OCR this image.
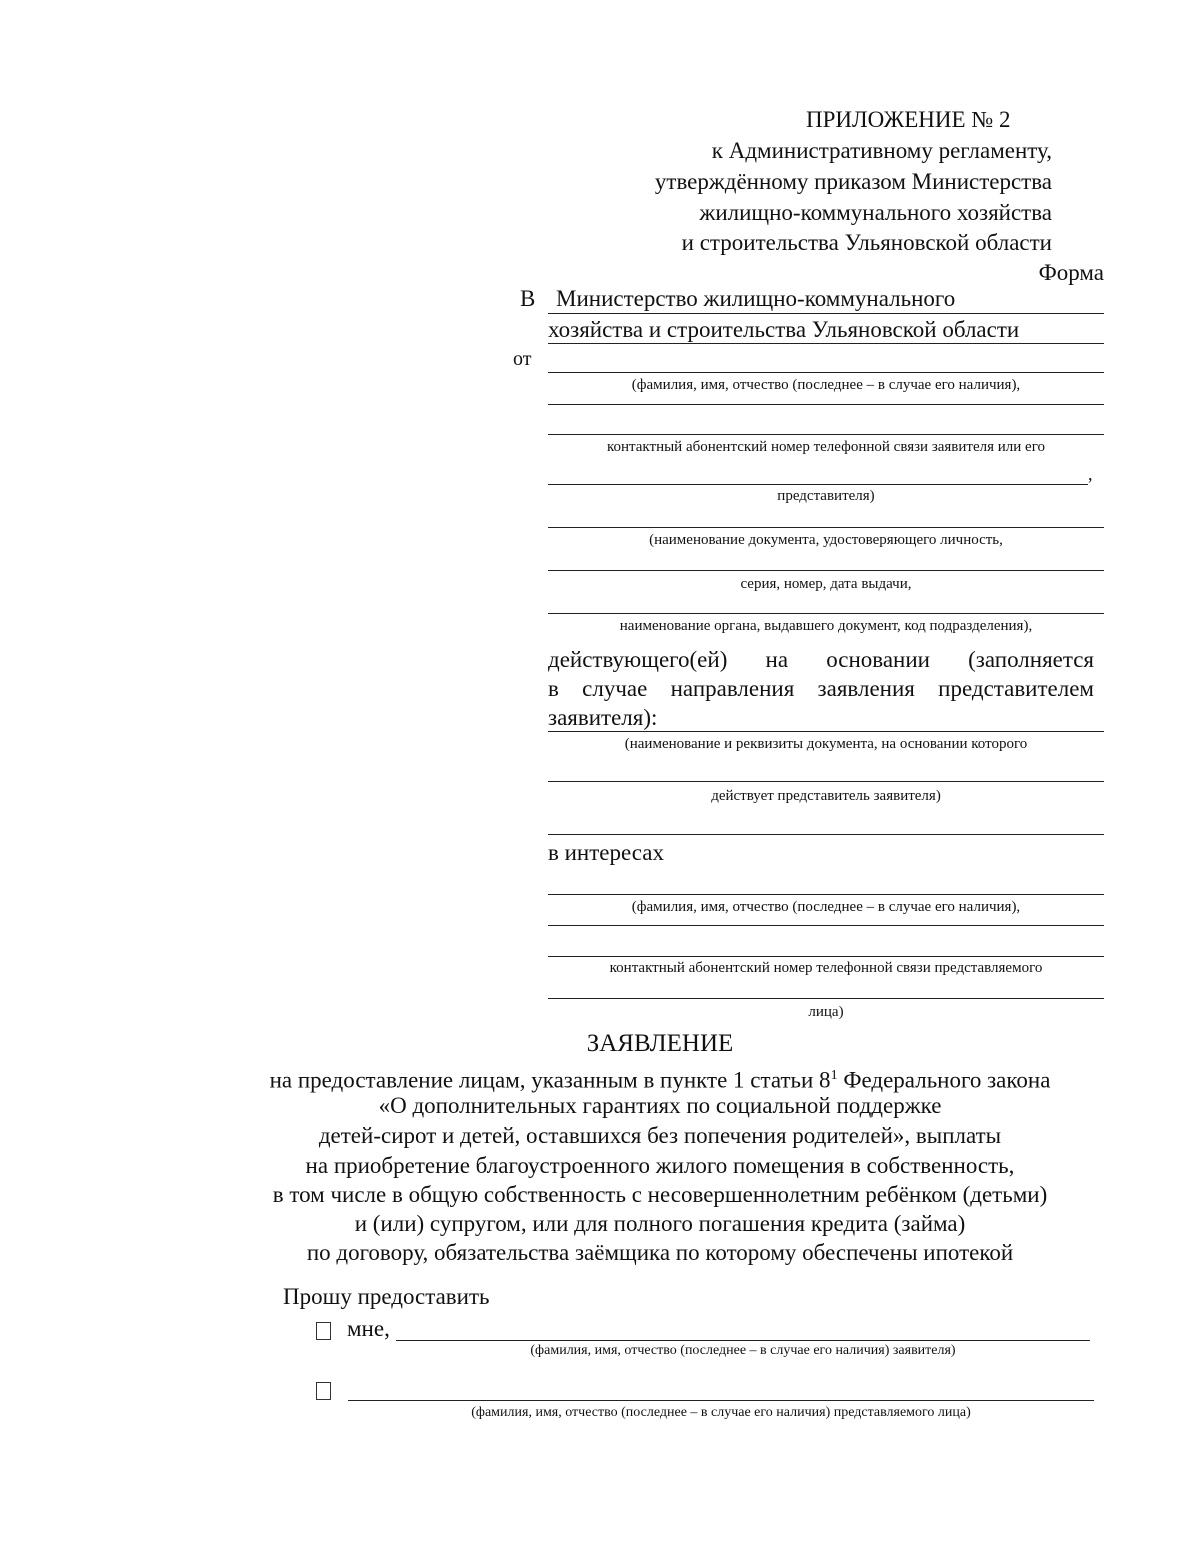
ПРИЛОЖЕНИЕ № 2
к Административному регламенту,
утверждённому приказом Министерства
жилищно-коммунального хозяйства
и строительства Ульяновской области
Форма
В Министерство жилищно-коммунального
хозяйства и строительства Ульяновской области
от
(фамилия, имя, отчество (последнее – в случае его наличия),
контактный абонентский номер телефонной связи заявителя или его
,
представителя)
(наименование документа, удостоверяющего личность,
серия, номер, дата выдачи,
наименование органа, выдавшего документ, код подразделения),
действующего(ей) на основании (заполняется
в случае направления заявления представителем
заявителя):
(наименование и реквизиты документа, на основании которого
действует представитель заявителя)
в интересах
(фамилия, имя, отчество (последнее – в случае его наличия),
контактный абонентский номер телефонной связи представляемого
лица)
ЗАЯВЛЕНИЕ
на предоставление лицам, указанным в пункте 1 статьи $8^1$ Федерального закона
«О дополнительных гарантиях по социальной поддержке
детей-сирот и детей, оставшихся без попечения родителей», выплаты
на приобретение благоустроенного жилого помещения в собственность,
в том числе в общую собственность с несовершеннолетним ребёнком (детьми)
и (или) супругом, или для полного погашения кредита (займа)
по договору, обязательства заёмщика по которому обеспечены ипотекой
Прошу предоставить
мне,
(фамилия, имя, отчество (последнее – в случае его наличия) заявителя)
(фамилия, имя, отчество (последнее – в случае его наличия) представляемого лица)
